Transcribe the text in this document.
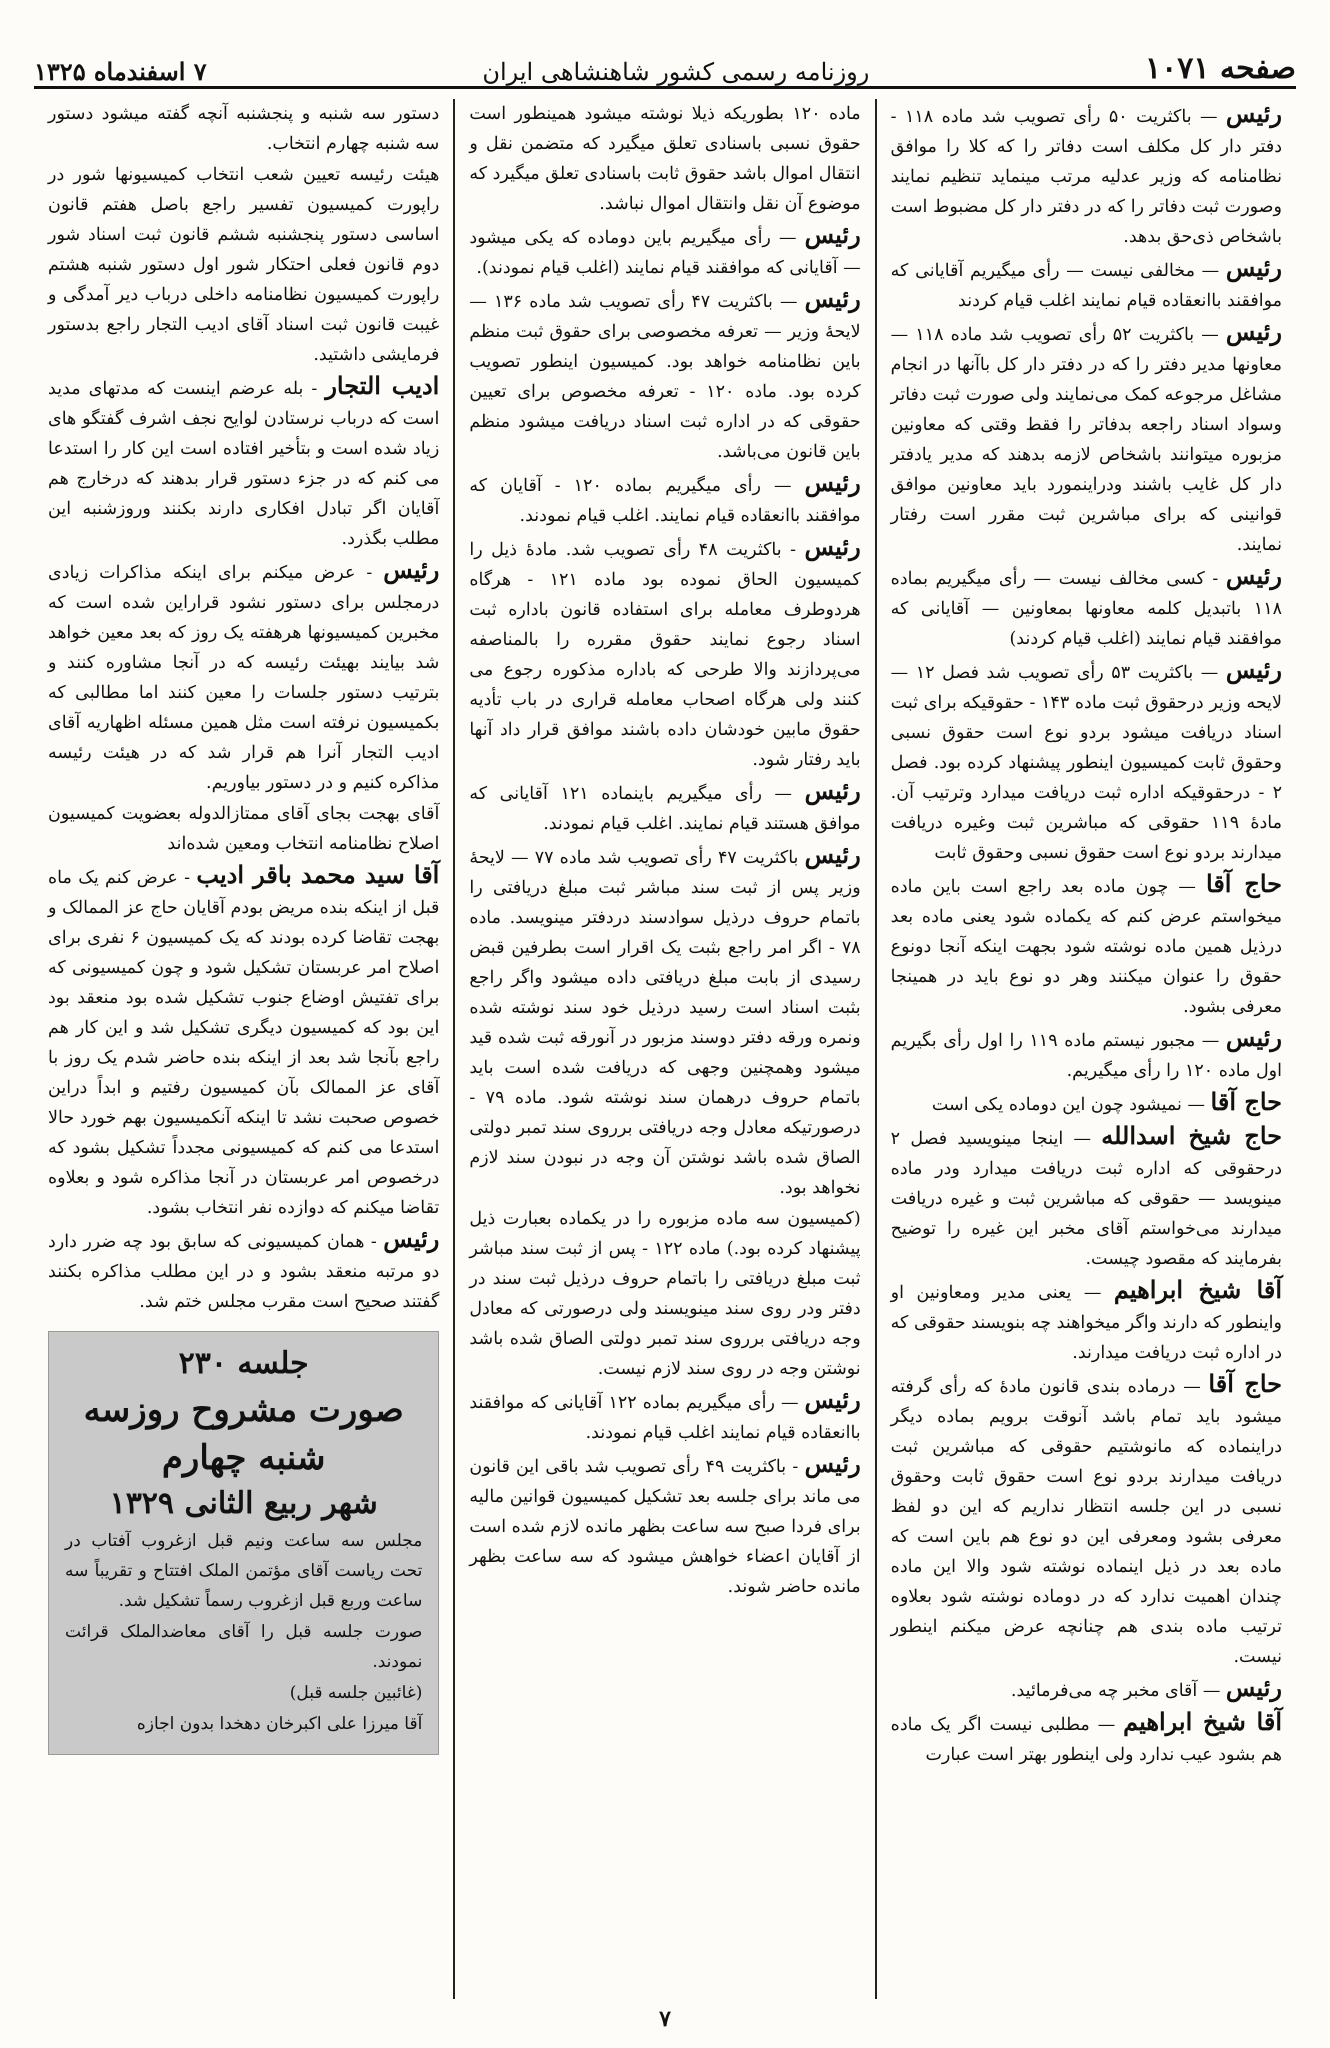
صفحه ۱۰۷۱
روزنامه رسمی کشور شاهنشاهی ایران
۷ اسفندماه ۱۳۲۵

رئیس — باکثریت ۵۰ رأی تصویب شد ماده ۱۱۸ - دفتر دار کل مکلف است دفاتر را که کلا را موافق نظامنامه که وزیر عدلیه مرتب مینماید تنظیم نمایند وصورت ثبت دفاتر را که در دفتر دار کل مضبوط است باشخاص ذی‌حق بدهد.

رئیس — مخالفی نیست — رأی میگیریم آقایانی که موافقند باانعقاده قیام نمایند اغلب قیام کردند

رئیس — باکثریت ۵۲ رأی تصویب شد ماده ۱۱۸ — معاونها مدیر دفتر را که در دفتر دار کل باآنها در انجام مشاغل مرجوعه کمک می‌نمایند ولی صورت ثبت دفاتر وسواد اسناد راجعه بدفاتر را فقط وقتی که معاونین مزبوره میتوانند باشخاص لازمه بدهند که مدیر یادفتر دار کل غایب باشند ودراینمورد باید معاونین موافق قوانینی که برای مباشرین ثبت مقرر است رفتار نمایند.

رئیس - کسی مخالف نیست — رأی میگیریم بماده ۱۱۸ باتبدیل کلمه معاونها بمعاونین — آقایانی که موافقند قیام نمایند (اغلب قیام کردند)

رئیس — باکثریت ۵۳ رأی تصویب شد فصل ۱۲ — لایحه وزیر درحقوق ثبت ماده ۱۴۳ - حقوقیکه برای ثبت اسناد دریافت میشود بردو نوع است حقوق نسبی وحقوق ثابت کمیسیون اینطور پیشنهاد کرده بود. فصل ۲ - درحقوقیکه اداره ثبت دریافت میدارد وترتیب آن. مادهٔ ۱۱۹ حقوقی که مباشرین ثبت وغیره دریافت میدارند بردو نوع است حقوق نسبی وحقوق ثابت

حاج آقا — چون ماده بعد راجع است باین ماده میخواستم عرض کنم که یکماده شود یعنی ماده بعد درذیل همین ماده نوشته شود بجهت اینکه آنجا دونوع حقوق را عنوان میکنند وهر دو نوع باید در همینجا معرفی بشود.

رئیس — مجبور نیستم ماده ۱۱۹ را اول رأی بگیریم اول ماده ۱۲۰ را رأی میگیریم.

حاج آقا — نمیشود چون این دوماده یکی است

حاج شیخ اسدالله — اینجا مینویسید فصل ۲ درحقوقی که اداره ثبت دریافت میدارد ودر ماده مینویسد — حقوقی که مباشرین ثبت و غیره دریافت میدارند می‌خواستم آقای مخبر این غیره را توضیح بفرمایند که مقصود چیست.

آقا شیخ ابراهیم — یعنی مدیر ومعاونین او واینطور که دارند واگر میخواهند چه بنویسند حقوقی که در اداره ثبت دریافت میدارند.

حاج آقا — درماده بندی قانون مادهٔ که رأی گرفته میشود باید تمام باشد آنوقت برویم بماده دیگر دراینماده که مانوشتیم حقوقی که مباشرین ثبت دریافت میدارند بردو نوع است حقوق ثابت وحقوق نسبی در این جلسه انتظار نداریم که این دو لفظ معرفی بشود ومعرفی این دو نوع هم باین است که ماده بعد در ذیل اینماده نوشته شود والا این ماده چندان اهمیت ندارد که در دوماده نوشته شود بعلاوه ترتیب ماده بندی هم چنانچه عرض میکنم اینطور نیست.

رئیس — آقای مخبر چه می‌فرمائید.

آقا شیخ ابراهیم — مطلبی نیست اگر یک ماده هم بشود عیب ندارد ولی اینطور بهتر است عبارت

ماده ۱۲۰ بطوریکه ذیلا نوشته میشود همینطور است حقوق نسبی باسنادی تعلق میگیرد که متضمن نقل و انتقال اموال باشد حقوق ثابت باسنادی تعلق میگیرد که موضوع آن نقل وانتقال اموال نباشد.

رئیس — رأی میگیریم باین دوماده که یکی میشود — آقایانی که موافقند قیام نمایند (اغلب قیام نمودند).

رئیس — باکثریت ۴۷ رأی تصویب شد ماده ۱۳۶ — لایحهٔ وزیر — تعرفه مخصوصی برای حقوق ثبت منظم باین نظامنامه خواهد بود. کمیسیون اینطور تصویب کرده بود. ماده ۱۲۰ - تعرفه مخصوص برای تعیین حقوقی که در اداره ثبت اسناد دریافت میشود منظم باین قانون می‌باشد.

رئیس — رأی میگیریم بماده ۱۲۰ - آقایان که موافقند باانعقاده قیام نمایند. اغلب قیام نمودند.

رئیس - باکثریت ۴۸ رأی تصویب شد. مادهٔ ذیل را کمیسیون الحاق نموده بود ماده ۱۲۱ - هرگاه هردوطرف معامله برای استفاده قانون باداره ثبت اسناد رجوع نمایند حقوق مقرره را بالمناصفه می‌پردازند والا طرحی که باداره مذکوره رجوع می کنند ولی هرگاه اصحاب معامله قراری در باب تأدیه حقوق مابین خودشان داده باشند موافق قرار داد آنها باید رفتار شود.

رئیس — رأی میگیریم باینماده ۱۲۱ آقایانی که موافق هستند قیام نمایند. اغلب قیام نمودند.

رئیس باکثریت ۴۷ رأی تصویب شد ماده ۷۷ — لایحهٔ وزیر پس از ثبت سند مباشر ثبت مبلغ دریافتی را باتمام حروف درذیل سوادسند دردفتر مینویسد. ماده ۷۸ - اگر امر راجع بثبت یک اقرار است بطرفین قبض رسیدی از بابت مبلغ دریافتی داده میشود واگر راجع بثبت اسناد است رسید درذیل خود سند نوشته شده ونمره ورقه دفتر دوسند مزبور در آنورقه ثبت شده قید میشود وهمچنین وجهی که دریافت شده است باید باتمام حروف درهمان سند نوشته شود. ماده ۷۹ - درصورتیکه معادل وجه دریافتی برروی سند تمبر دولتی الصاق شده باشد نوشتن آن وجه در نبودن سند لازم نخواهد بود.

(کمیسیون سه ماده مزبوره را در یکماده بعبارت ذیل پیشنهاد کرده بود.) ماده ۱۲۲ - پس از ثبت سند مباشر ثبت مبلغ دریافتی را باتمام حروف درذیل ثبت سند در دفتر ودر روی سند مینویسند ولی درصورتی که معادل وجه دریافتی برروی سند تمبر دولتی الصاق شده باشد نوشتن وجه در روی سند لازم نیست.

رئیس — رأی میگیریم بماده ۱۲۲ آقایانی که موافقند باانعقاده قیام نمایند اغلب قیام نمودند.

رئیس - باکثریت ۴۹ رأی تصویب شد باقی این قانون می ماند برای جلسه بعد تشکیل کمیسیون قوانین مالیه برای فردا صبح سه ساعت بظهر مانده لازم شده است از آقایان اعضاء خواهش میشود که سه ساعت بظهر مانده حاضر شوند.

دستور سه شنبه و پنجشنبه آنچه گفته میشود دستور سه شنبه چهارم انتخاب.

هیئت رئیسه تعیین شعب انتخاب کمیسیونها شور در راپورت کمیسیون تفسیر راجع باصل هفتم قانون اساسی دستور پنجشنبه ششم قانون ثبت اسناد شور دوم قانون فعلی احتکار شور اول دستور شنبه هشتم راپورت کمیسیون نظامنامه داخلی درباب دیر آمدگی و غیبت قانون ثبت اسناد آقای ادیب التجار راجع بدستور فرمایشی داشتید.

ادیب التجار - بله عرضم اینست که مدتهای مدید است که درباب نرستادن لوایح نجف اشرف گفتگو های زیاد شده است و بتأخیر افتاده است این کار را استدعا می کنم که در جزء دستور قرار بدهند که درخارج هم آقایان اگر تبادل افکاری دارند بکنند وروزشنبه این مطلب بگذرد.

رئیس - عرض میکنم برای اینکه مذاکرات زیادی درمجلس برای دستور نشود قراراین شده است که مخبرین کمیسیونها هرهفته یک روز که بعد معین خواهد شد بیایند بهیئت رئیسه که در آنجا مشاوره کنند و بترتیب دستور جلسات را معین کنند اما مطالبی که بکمیسیون نرفته است مثل همین مسئله اظهاریه آقای ادیب التجار آنرا هم قرار شد که در هیئت رئیسه مذاکره کنیم و در دستور بیاوریم.

آقای بهجت بجای آقای ممتازالدوله بعضویت کمیسیون اصلاح نظامنامه انتخاب ومعین شده‌اند

آقا سید محمد باقر ادیب - عرض کنم یک ماه قبل از اینکه بنده مریض بودم آقایان حاج عز الممالک و بهجت تقاضا کرده بودند که یک کمیسیون ۶ نفری برای اصلاح امر عربستان تشکیل شود و چون کمیسیونی که برای تفتیش اوضاع جنوب تشکیل شده بود منعقد بود این بود که کمیسیون دیگری تشکیل شد و این کار هم راجع بآنجا شد بعد از اینکه بنده حاضر شدم یک روز با آقای عز الممالک بآن کمیسیون رفتیم و ابداً دراین خصوص صحبت نشد تا اینکه آنکمیسیون بهم خورد حالا استدعا می کنم که کمیسیونی مجدداً تشکیل بشود که درخصوص امر عربستان در آنجا مذاکره شود و بعلاوه تقاضا میکنم که دوازده نفر انتخاب بشود.

رئیس - همان کمیسیونی که سابق بود چه ضرر دارد دو مرتبه منعقد بشود و در این مطلب مذاکره بکنند گفتند صحیح است مقرب مجلس ختم شد.

جلسه ۲۳۰
صورت مشروح روزسه شنبه چهارم
شهر ربیع الثانی ۱۳۲۹

مجلس سه ساعت ونیم قبل ازغروب آفتاب در تحت ریاست آقای مؤتمن الملک افتتاح و تقریباً سه ساعت وربع قبل ازغروب رسماً تشکیل شد.

صورت جلسه قبل را آقای معاضدالملک قرائت نمودند.

(غائبین جلسه قبل)

آقا میرزا علی اکبرخان دهخدا بدون اجازه

۷
